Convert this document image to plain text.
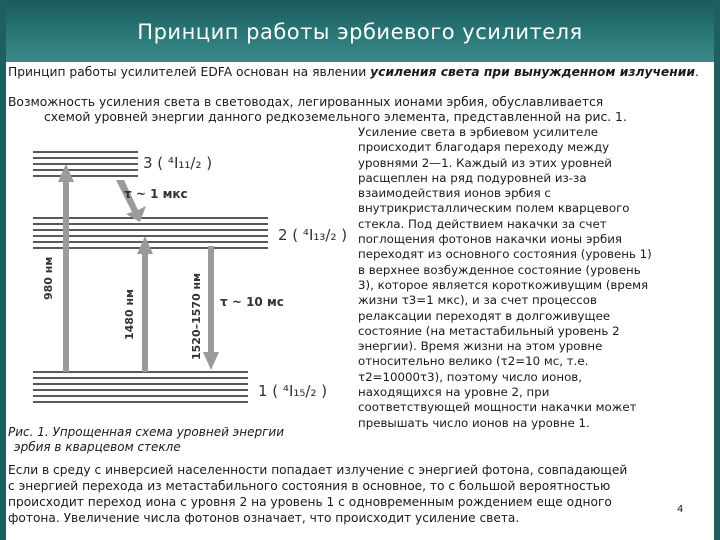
Принцип работы эрбиевого усилителя
Принцип работы усилителей EDFA основан на явлении усиления света при вынужденном излучении.
Возможность усиления света в световодах, легированных ионами эрбия, обуславливается
схемой уровней энергии данного редкоземельного элемента, представленной на рис. 1.
3 ( ⁴I₁₁/₂ )
2 ( ⁴I₁₃/₂ )
1 ( ⁴I₁₅/₂ )
τ ~ 1 мкс
τ ~ 10 мс
980 нм
1480 нм	1520–1570 нм
Усиление света в эрбиевом усилителе
происходит благодаря переходу между
уровнями 2—1. Каждый из этих уровней
расщеплен на ряд подуровней из-за
взаимодействия ионов эрбия с
внутрикристаллическим полем кварцевого
стекла. Под действием накачки за счет
поглощения фотонов накачки ионы эрбия
переходят из основного состояния (уровень 1)
в верхнее возбужденное состояние (уровень
3), которое является короткоживущим (время
жизни τ3=1 мкс), и за счет процессов
релаксации переходят в долгоживущее
состояние (на метастабильный уровень 2
энергии). Время жизни на этом уровне
относительно велико (τ2=10 мс, т.е.
τ2=10000τ3), поэтому число ионов,
находящихся на уровне 2, при
соответствующей мощности накачки может
превышать число ионов на уровне 1.
Рис. 1. Упрощенная схема уровней энергии
эрбия в кварцевом стекле
Если в среду с инверсией населенности попадает излучение с энергией фотона, совпадающей
с энергией перехода из метастабильного состояния в основное, то с большой вероятностью
происходит переход иона с уровня 2 на уровень 1 с одновременным рождением еще одного
фотона. Увеличение числа фотонов означает, что происходит усиление света.
4
